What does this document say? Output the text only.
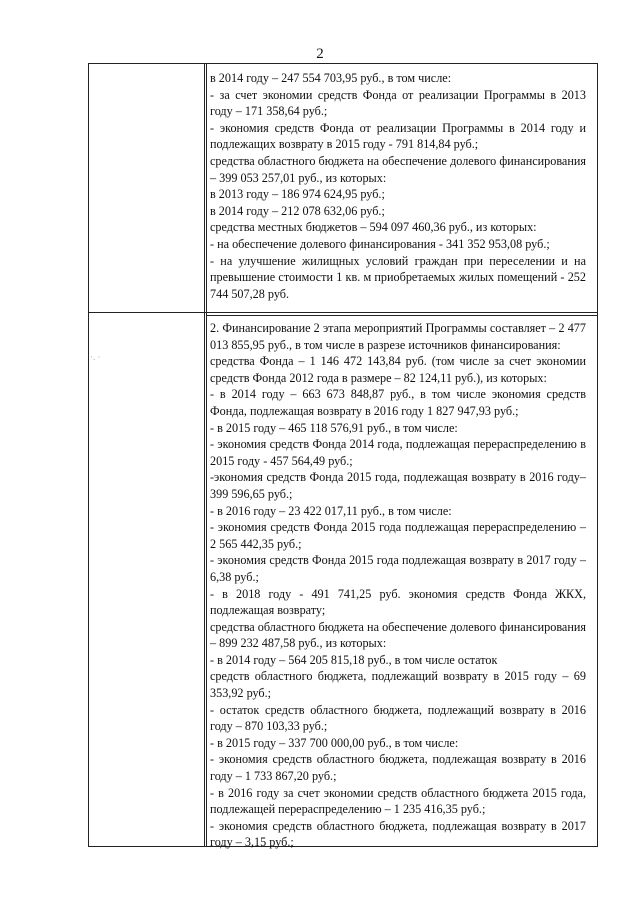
2
·. ·

в 2014 году – 247 554 703,95 руб., в том числе:

- за счет экономии средств Фонда от реализации Программы в 2013 году – 171 358,64 руб.;

- экономия средств Фонда от реализации Программы в 2014 году и подлежащих возврату в 2015 году - 791 814,84 руб.;

средства областного бюджета на обеспечение долевого финансирования – 399 053 257,01 руб., из которых:

в 2013 году – 186 974 624,95 руб.;

в 2014 году – 212 078 632,06 руб.;

средства местных бюджетов – 594 097 460,36 руб., из которых:

- на обеспечение долевого финансирования - 341 352 953,08 руб.;

- на улучшение жилищных условий граждан при переселении и на превышение стоимости 1 кв. м приобретаемых жилых помещений - 252 744 507,28 руб.

2. Финансирование 2 этапа мероприятий Программы составляет – 2 477 013 855,95 руб., в том числе в разрезе источников финансирования:

средства Фонда – 1 146 472 143,84 руб. (том числе за счет экономии средств Фонда 2012 года в размере – 82 124,11 руб.), из которых:

- в 2014 году – 663 673 848,87 руб., в том числе экономия средств Фонда, подлежащая возврату в 2016 году 1 827 947,93 руб.;

- в 2015 году – 465 118 576,91 руб., в том числе:

- экономия средств Фонда 2014 года, подлежащая перераспределению в 2015 году - 457 564,49 руб.;

-экономия средств Фонда 2015 года, подлежащая возврату в 2016 году– 399 596,65 руб.;

- в 2016 году – 23 422 017,11 руб., в том числе:

- экономия средств Фонда 2015 года подлежащая перераспределению – 2 565 442,35 руб.;

- экономия средств Фонда 2015 года подлежащая возврату в 2017 году – 6,38 руб.;

- в 2018 году - 491 741,25 руб. экономия средств Фонда ЖКХ, подлежащая возврату;

средства областного бюджета на обеспечение долевого финансирования – 899 232 487,58 руб., из которых:

- в 2014 году – 564 205 815,18 руб., в том числе остаток

средств областного бюджета, подлежащий возврату в 2015 году – 69 353,92 руб.;

- остаток средств областного бюджета, подлежащий возврату в 2016 году – 870 103,33 руб.;

- в 2015 году – 337 700 000,00 руб., в том числе:

- экономия средств областного бюджета, подлежащая возврату в 2016 году – 1 733 867,20 руб.;

- в 2016 году за счет экономии средств областного бюджета 2015 года, подлежащей перераспределению – 1 235 416,35 руб.;

- экономия средств областного бюджета, подлежащая возврату в 2017 году – 3,15 руб.;
